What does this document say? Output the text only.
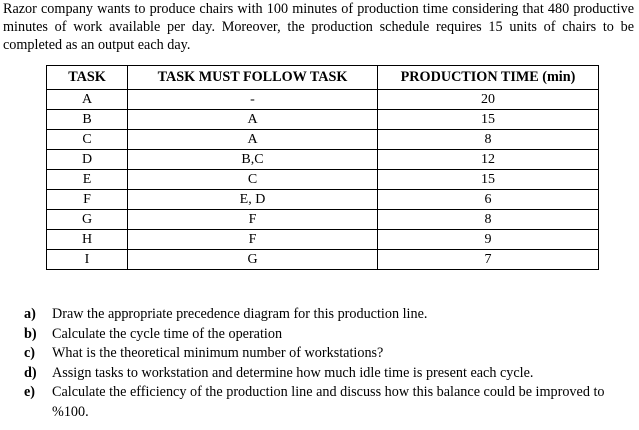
Razor company wants to produce chairs with 100 minutes of production time considering that 480 productive minutes of work available per day. Moreover, the production schedule requires 15 units of chairs to be completed as an output each day.
TASK	TASK MUST FOLLOW TASK	PRODUCTION TIME (min)
A	-	20
B	A	15
C	A	8
D	B,C	12
E	C	15
F	E, D	6
G	F	8
H	F	9
I	G	7
a)	Draw the appropriate precedence diagram for this production line.
b)	Calculate the cycle time of the operation
c)	What is the theoretical minimum number of workstations?
d)	Assign tasks to workstation and determine how much idle time is present each cycle.
e)	Calculate the efficiency of the production line and discuss how this balance could be improved to %100.
